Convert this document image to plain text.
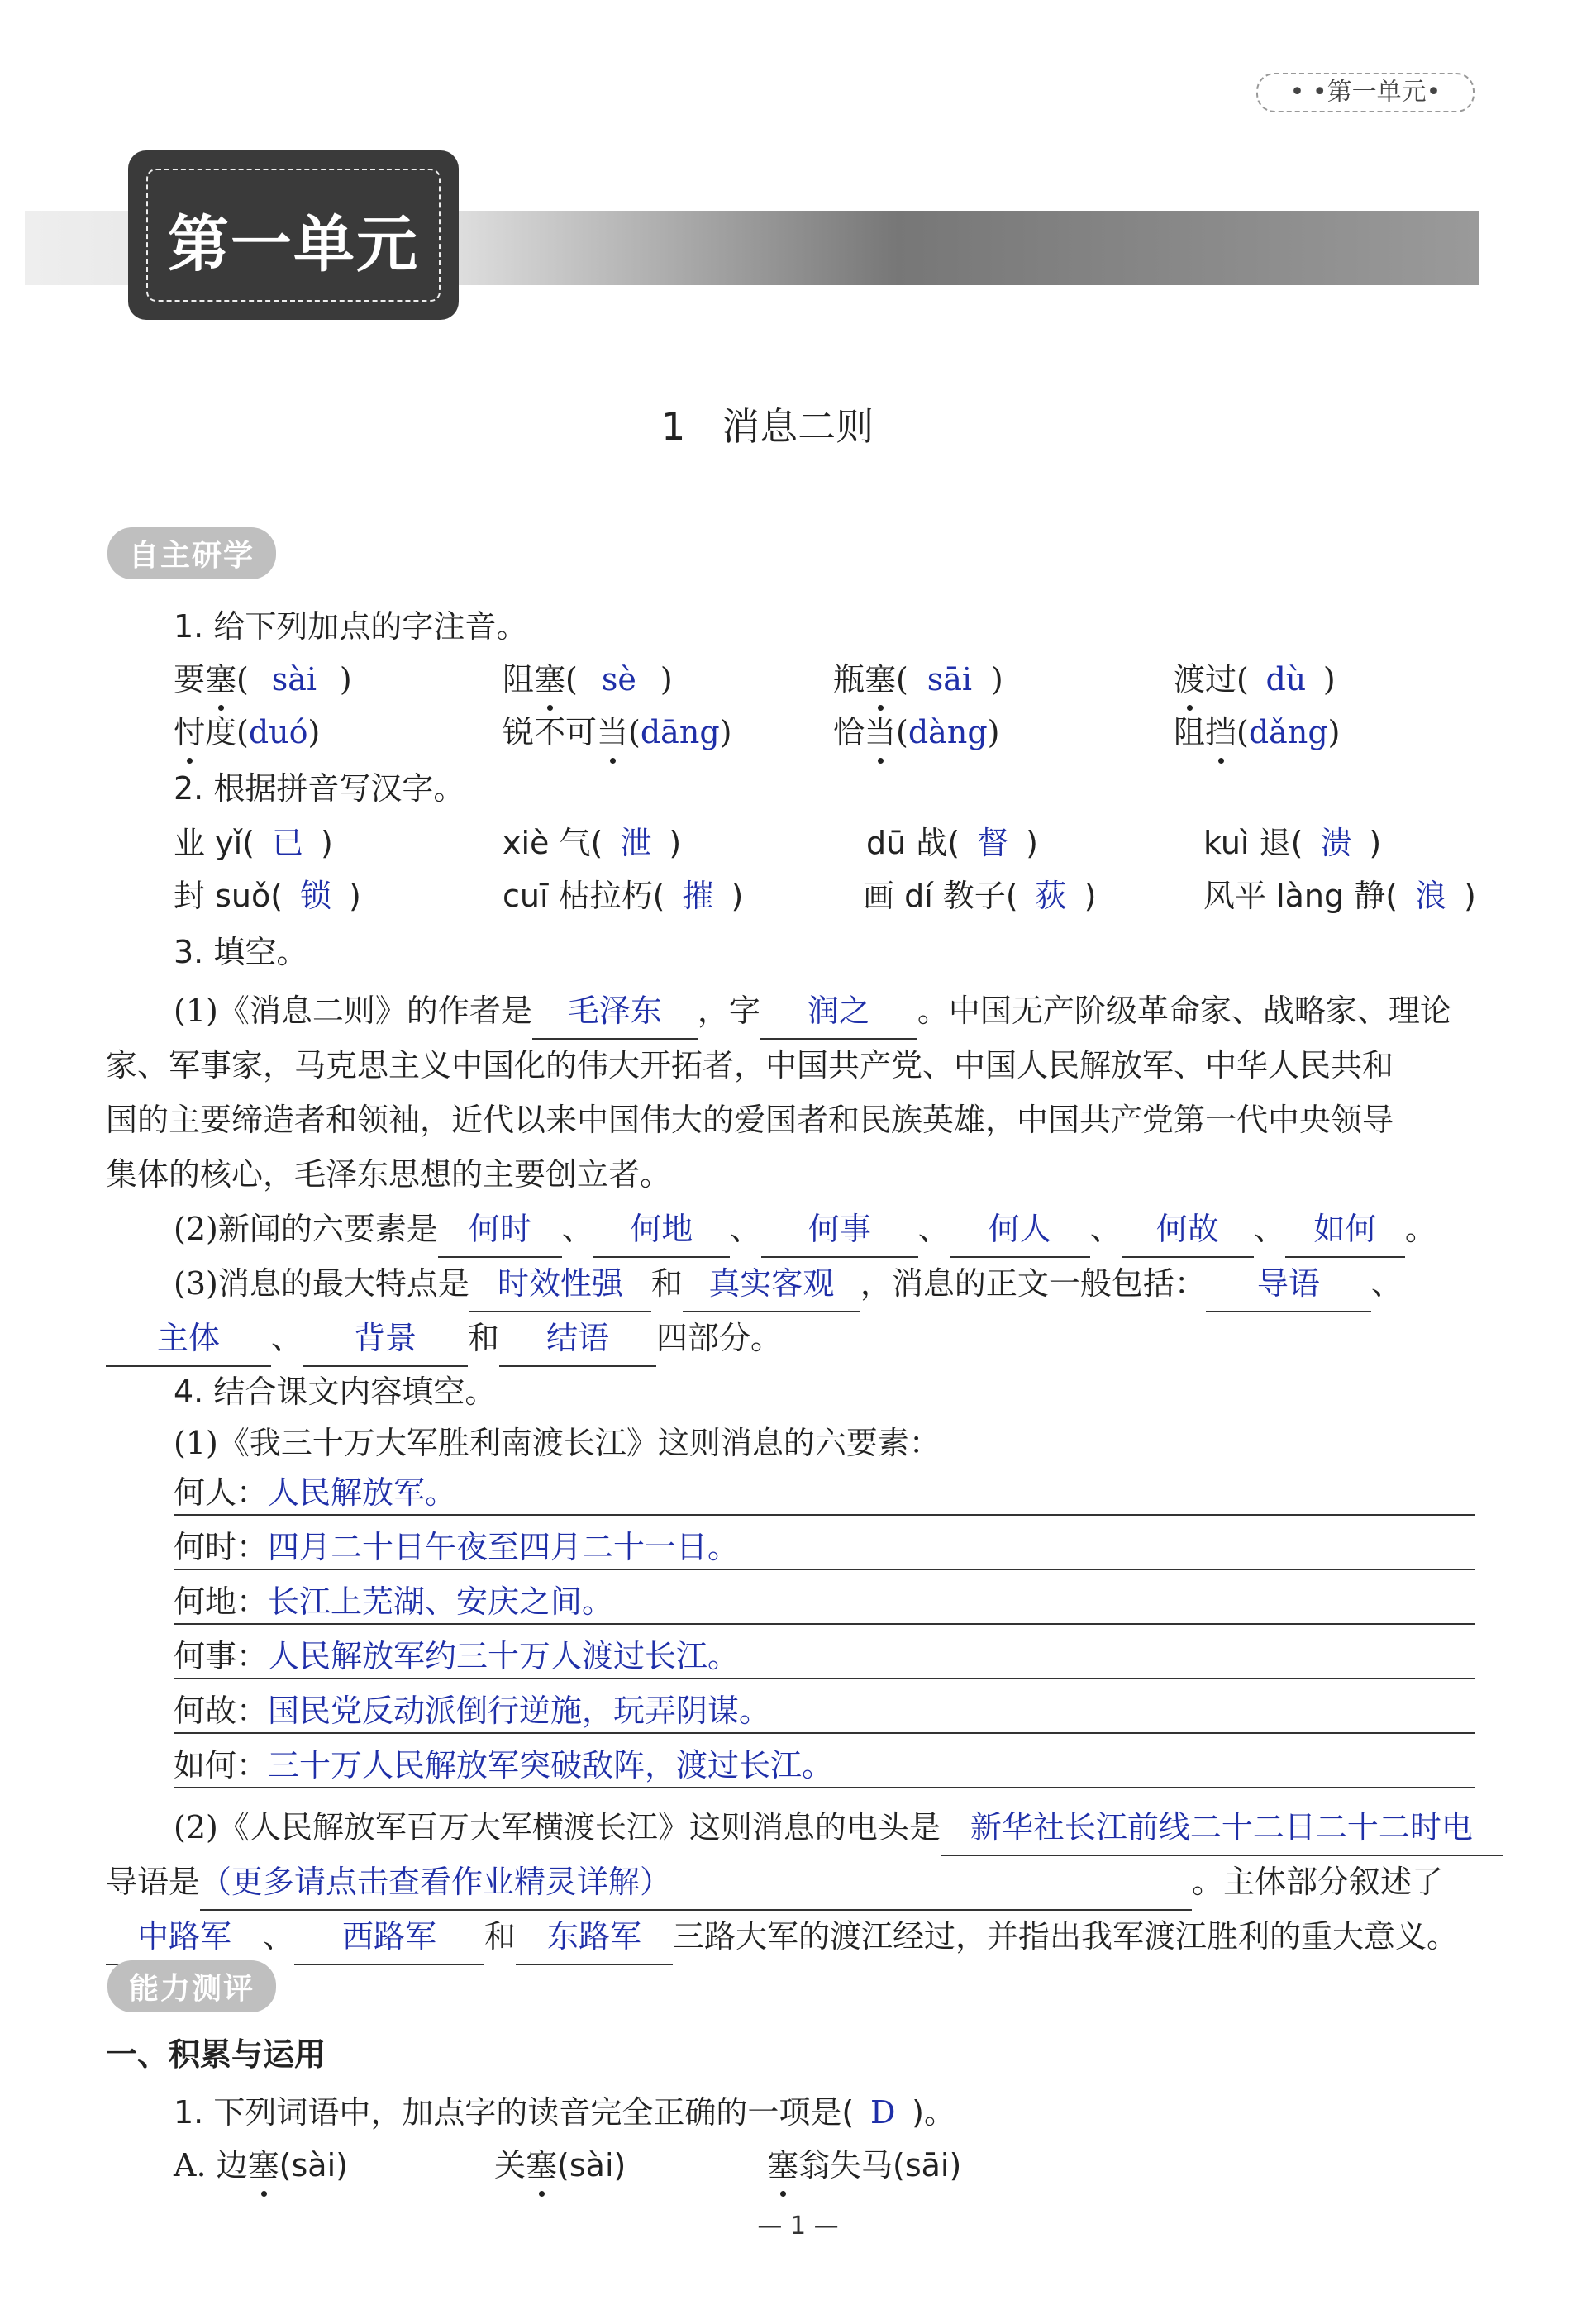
• •第一单元•
第一单元
1   消息二则
自主研学
1. 给下列加点的字注音。
要塞( sài )	阻塞( sè )	瓶塞( sāi )	渡过( dù )
忖度(duó)	锐不可当(dāng)	恰当(dàng)	阻挡(dǎng)
2. 根据拼音写汉字。
业 yǐ( 已 )	xiè 气( 泄 )	dū 战( 督 )	kuì 退( 溃 )
封 suǒ( 锁 )	cuī 枯拉朽( 摧 )	画 dí 教子( 荻 )	风平 làng 静( 浪 )
3. 填空。
(1)《消息二则》的作者是 毛泽东 ，字 润之 。中国无产阶级革命家、战略家、理论
家、军事家，马克思主义中国化的伟大开拓者，中国共产党、中国人民解放军、中华人民共和
国的主要缔造者和领袖，近代以来中国伟大的爱国者和民族英雄，中国共产党第一代中央领导
集体的核心，毛泽东思想的主要创立者。
(2)新闻的六要素是 何时 、 何地 、 何事 、 何人 、 何故 、 如何 。
(3)消息的最大特点是 时效性强 和 真实客观 ，消息的正文一般包括： 导语 、
主体 、 背景 和 结语 四部分。
4. 结合课文内容填空。
(1)《我三十万大军胜利南渡长江》这则消息的六要素：
何人：人民解放军。
何时：四月二十日午夜至四月二十一日。
何地：长江上芜湖、安庆之间。
何事：人民解放军约三十万人渡过长江。
何故：国民党反动派倒行逆施，玩弄阴谋。
如何：三十万人民解放军突破敌阵，渡过长江。
(2)《人民解放军百万大军横渡长江》这则消息的电头是 新华社长江前线二十二日二十二时电
导语是（更多请点击查看作业精灵详解）	。主体部分叙述了
中路军 、 西路军 和 东路军 三路大军的渡江经过，并指出我军渡江胜利的重大意义。
能力测评
一、积累与运用
1. 下列词语中，加点字的读音完全正确的一项是( D )。
A. 边塞(sài)	关塞(sài)	塞翁失马(sāi)
— 1 —
